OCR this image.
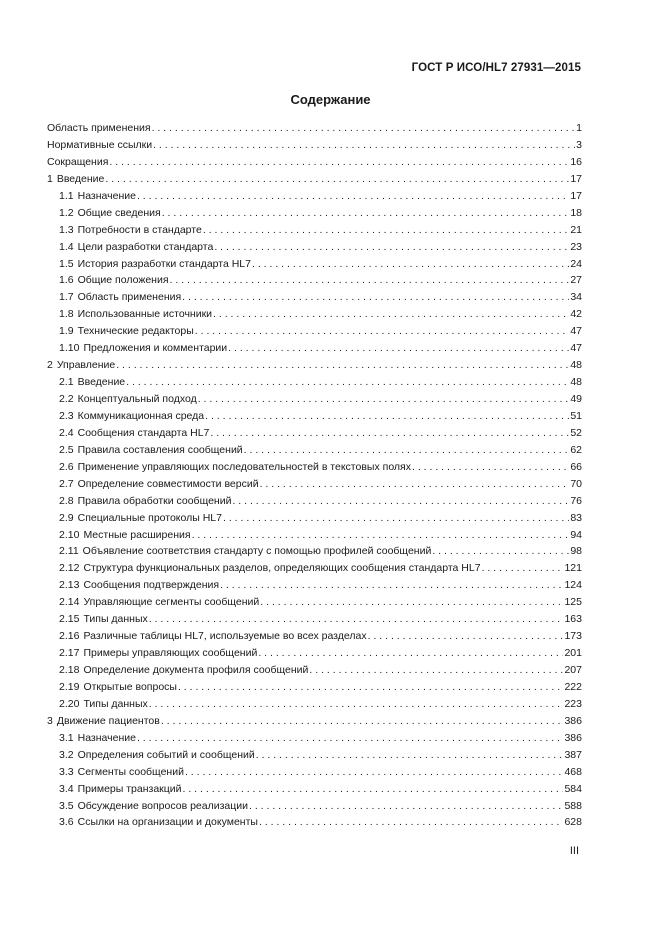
ГОСТ Р ИСО/HL7 27931—2015
Содержание
Область применения . . .	1
Нормативные ссылки . . .	3
Сокращения . . .	16
1 Введение . . .	17
1.1 Назначение . . .	17
1.2 Общие сведения . . .	18
1.3 Потребности в стандарте . . .	21
1.4 Цели разработки стандарта . . .	23
1.5 История разработки стандарта HL7 . . .	24
1.6 Общие положения . . .	27
1.7 Область применения . . .	34
1.8 Использованные источники . . .	42
1.9 Технические редакторы . . .	47
1.10 Предложения и комментарии . . .	47
2 Управление . . .	48
2.1 Введение . . .	48
2.2 Концептуальный подход . . .	49
2.3 Коммуникационная среда . . .	51
2.4 Сообщения стандарта HL7 . . .	52
2.5 Правила составления сообщений . . .	62
2.6 Применение управляющих последовательностей в текстовых полях . . .	66
2.7 Определение совместимости версий . . .	70
2.8 Правила обработки сообщений . . .	76
2.9 Специальные протоколы HL7 . . .	83
2.10 Местные расширения . . .	94
2.11 Объявление соответствия стандарту с помощью профилей сообщений . . .	98
2.12 Структура функциональных разделов, определяющих сообщения стандарта HL7 . . .	121
2.13 Сообщения подтверждения . . .	124
2.14 Управляющие сегменты сообщений . . .	125
2.15 Типы данных . . .	163
2.16 Различные таблицы HL7, используемые во всех разделах . . .	173
2.17 Примеры управляющих сообщений . . .	201
2.18 Определение документа профиля сообщений . . .	207
2.19 Открытые вопросы . . .	222
2.20 Типы данных . . .	223
3 Движение пациентов . . .	386
3.1 Назначение . . .	386
3.2 Определения событий и сообщений . . .	387
3.3 Сегменты сообщений . . .	468
3.4 Примеры транзакций . . .	584
3.5 Обсуждение вопросов реализации . . .	588
3.6 Ссылки на организации и документы . . .	628
III
